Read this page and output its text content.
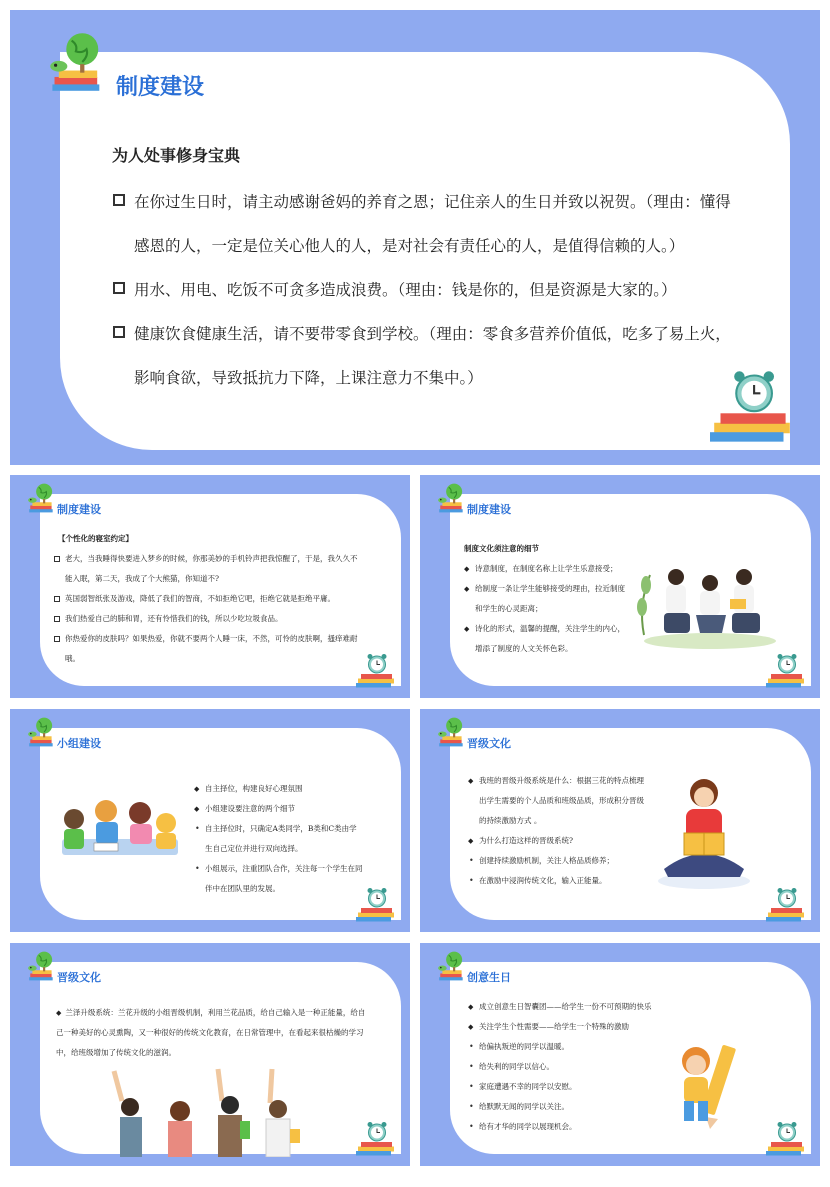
制度建设
为人处事修身宝典
在你过生日时，请主动感谢爸妈的养育之恩；记住亲人的生日并致以祝贺。（理由：懂得感恩的人，一定是位关心他人的人，是对社会有责任心的人，是值得信赖的人。）
用水、用电、吃饭不可贪多造成浪费。（理由：钱是你的，但是资源是大家的。）
健康饮食健康生活，请不要带零食到学校。（理由：零食多营养价值低，吃多了易上火，影响食欲，导致抵抗力下降，上课注意力不集中。）
制度建设
【个性化的寝室约定】
老大，当我睡得快要进入梦乡的时候，你那美妙的手机铃声把我惊醒了，于是，我久久不能入眠，第二天，我成了个大熊猫，你知道不?
英国弱智纸张及游戏，降低了我们的智商，不如拒绝它吧，拒绝它就是拒绝平庸。
我们热爱自己的肺和胃，还有怜惜我们的钱，所以少吃垃圾食品。
你热爱你的皮肤吗？如果热爱，你就不要两个人睡一床，不然，可怜的皮肤啊，搔痒难耐哦。
制度建设
制度文化须注意的细节
◆ 诗意制度，在制度名称上让学生乐意接受；
◆ 给制度一条让学生能够接受的理由，拉近制度和学生的心灵距离；
◆ 诗化的形式，温馨的提醒，关注学生的内心，增添了制度的人文关怀色彩。
小组建设
◆ 自主择位，构建良好心理氛围
◆ 小组建设要注意的两个细节
• 自主择位时，只确定A类同学，B类和C类由学生自己定位并进行双向选择。
• 小组展示，注重团队合作，关注每一个学生在同伴中在团队里的发展。
晋级文化
◆ 我班的晋级升级系统是什么：根据三花的特点梳理出学生需要的个人品质和班级品质，形成积分晋级的持续激励方式 。
◆ 为什么打造这样的晋级系统?
• 创建持续激励机制，关注人格品质修养；
• 在激励中浸润传统文化，输入正能量。
晋级文化
◆ 兰泽升级系统：兰花升级的小组晋级机制，利用兰花品质，给自己输入是一种正能量，给自己一种美好的心灵熏陶，又一种很好的传统文化教育，在日常管理中，在看起来很枯燥的学习中，给班级增加了传统文化的滋润。
创意生日
◆ 成立创意生日智囊团——给学生一份不可预期的快乐
◆ 关注学生个性需要——给学生一个特殊的激励
• 给偏执叛逆的同学以温暖。
• 给失利的同学以信心。
• 家庭遭遇不幸的同学以安慰。
• 给默默无闻的同学以关注。
• 给有才华的同学以展现机会。
